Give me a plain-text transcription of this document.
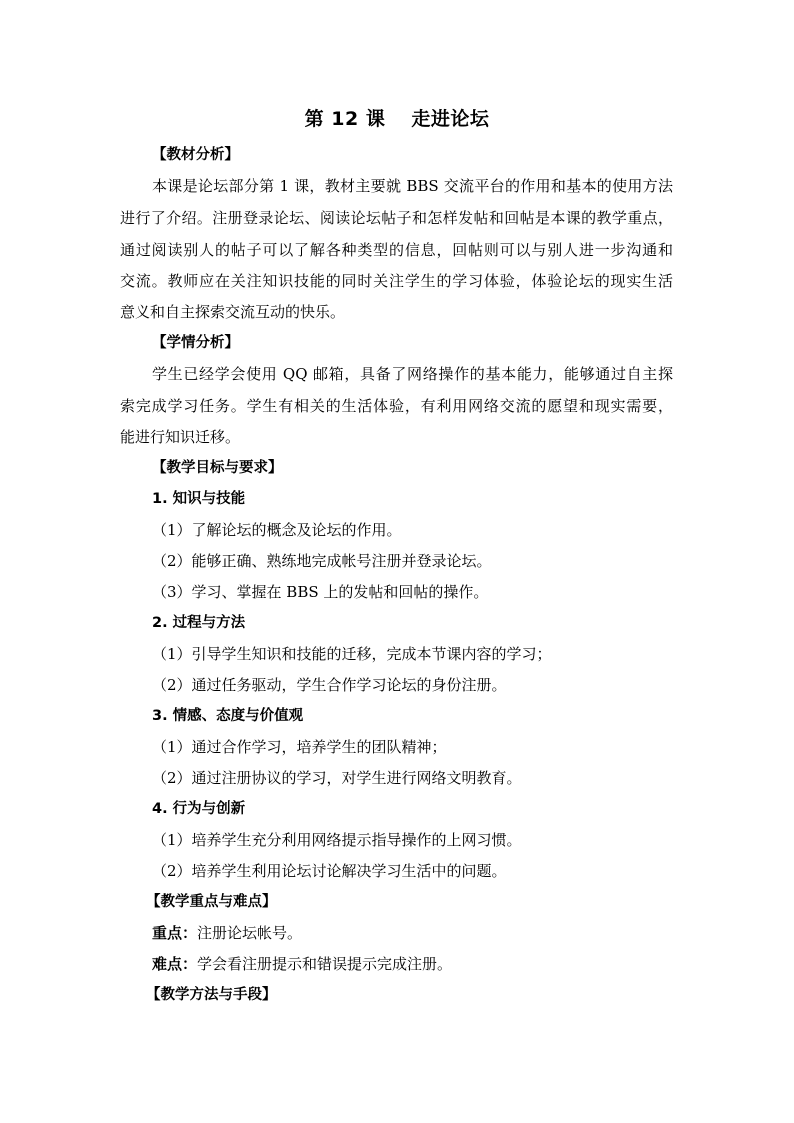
第 12 课 走进论坛
【教材分析】
本课是论坛部分第 1 课，教材主要就 BBS 交流平台的作用和基本的使用方法
进行了介绍。注册登录论坛、阅读论坛帖子和怎样发帖和回帖是本课的教学重点，
通过阅读别人的帖子可以了解各种类型的信息，回帖则可以与别人进一步沟通和
交流。教师应在关注知识技能的同时关注学生的学习体验，体验论坛的现实生活
意义和自主探索交流互动的快乐。
【学情分析】
学生已经学会使用 QQ 邮箱，具备了网络操作的基本能力，能够通过自主探
索完成学习任务。学生有相关的生活体验，有利用网络交流的愿望和现实需要，
能进行知识迁移。
【教学目标与要求】
1. 知识与技能
（1）了解论坛的概念及论坛的作用。
（2）能够正确、熟练地完成帐号注册并登录论坛。
（3）学习、掌握在 BBS 上的发帖和回帖的操作。
2. 过程与方法
（1）引导学生知识和技能的迁移，完成本节课内容的学习；
（2）通过任务驱动，学生合作学习论坛的身份注册。
3. 情感、态度与价值观
（1）通过合作学习，培养学生的团队精神；
（2）通过注册协议的学习，对学生进行网络文明教育。
4. 行为与创新
（1）培养学生充分利用网络提示指导操作的上网习惯。
（2）培养学生利用论坛讨论解决学习生活中的问题。
【教学重点与难点】
重点：注册论坛帐号。
难点：学会看注册提示和错误提示完成注册。
【教学方法与手段】
